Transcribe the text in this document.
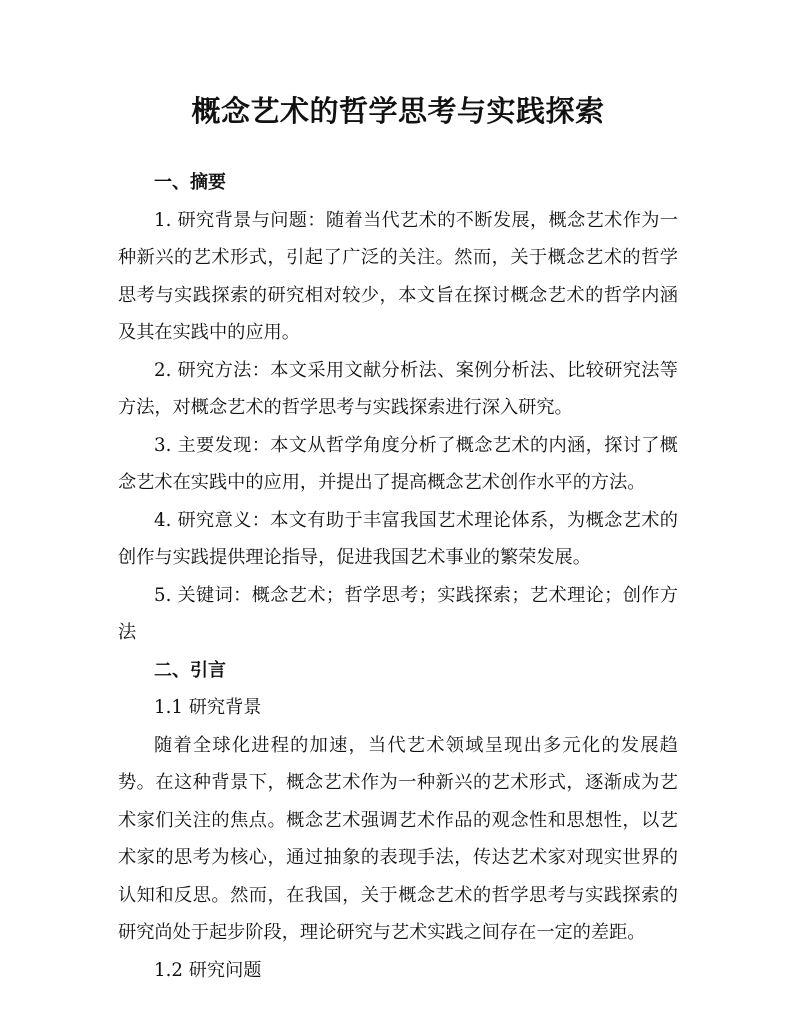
概念艺术的哲学思考与实践探索
一、摘要

1. 研究背景与问题：随着当代艺术的不断发展，概念艺术作为一种新兴的艺术形式，引起了广泛的关注。然而，关于概念艺术的哲学思考与实践探索的研究相对较少，本文旨在探讨概念艺术的哲学内涵及其在实践中的应用。

2. 研究方法：本文采用文献分析法、案例分析法、比较研究法等方法，对概念艺术的哲学思考与实践探索进行深入研究。

3. 主要发现：本文从哲学角度分析了概念艺术的内涵，探讨了概念艺术在实践中的应用，并提出了提高概念艺术创作水平的方法。

4. 研究意义：本文有助于丰富我国艺术理论体系，为概念艺术的创作与实践提供理论指导，促进我国艺术事业的繁荣发展。

5. 关键词：概念艺术；哲学思考；实践探索；艺术理论；创作方法

二、引言

1.1 研究背景

随着全球化进程的加速，当代艺术领域呈现出多元化的发展趋势。在这种背景下，概念艺术作为一种新兴的艺术形式，逐渐成为艺术家们关注的焦点。概念艺术强调艺术作品的观念性和思想性，以艺术家的思考为核心，通过抽象的表现手法，传达艺术家对现实世界的认知和反思。然而，在我国，关于概念艺术的哲学思考与实践探索的研究尚处于起步阶段，理论研究与艺术实践之间存在一定的差距。

1.2 研究问题
